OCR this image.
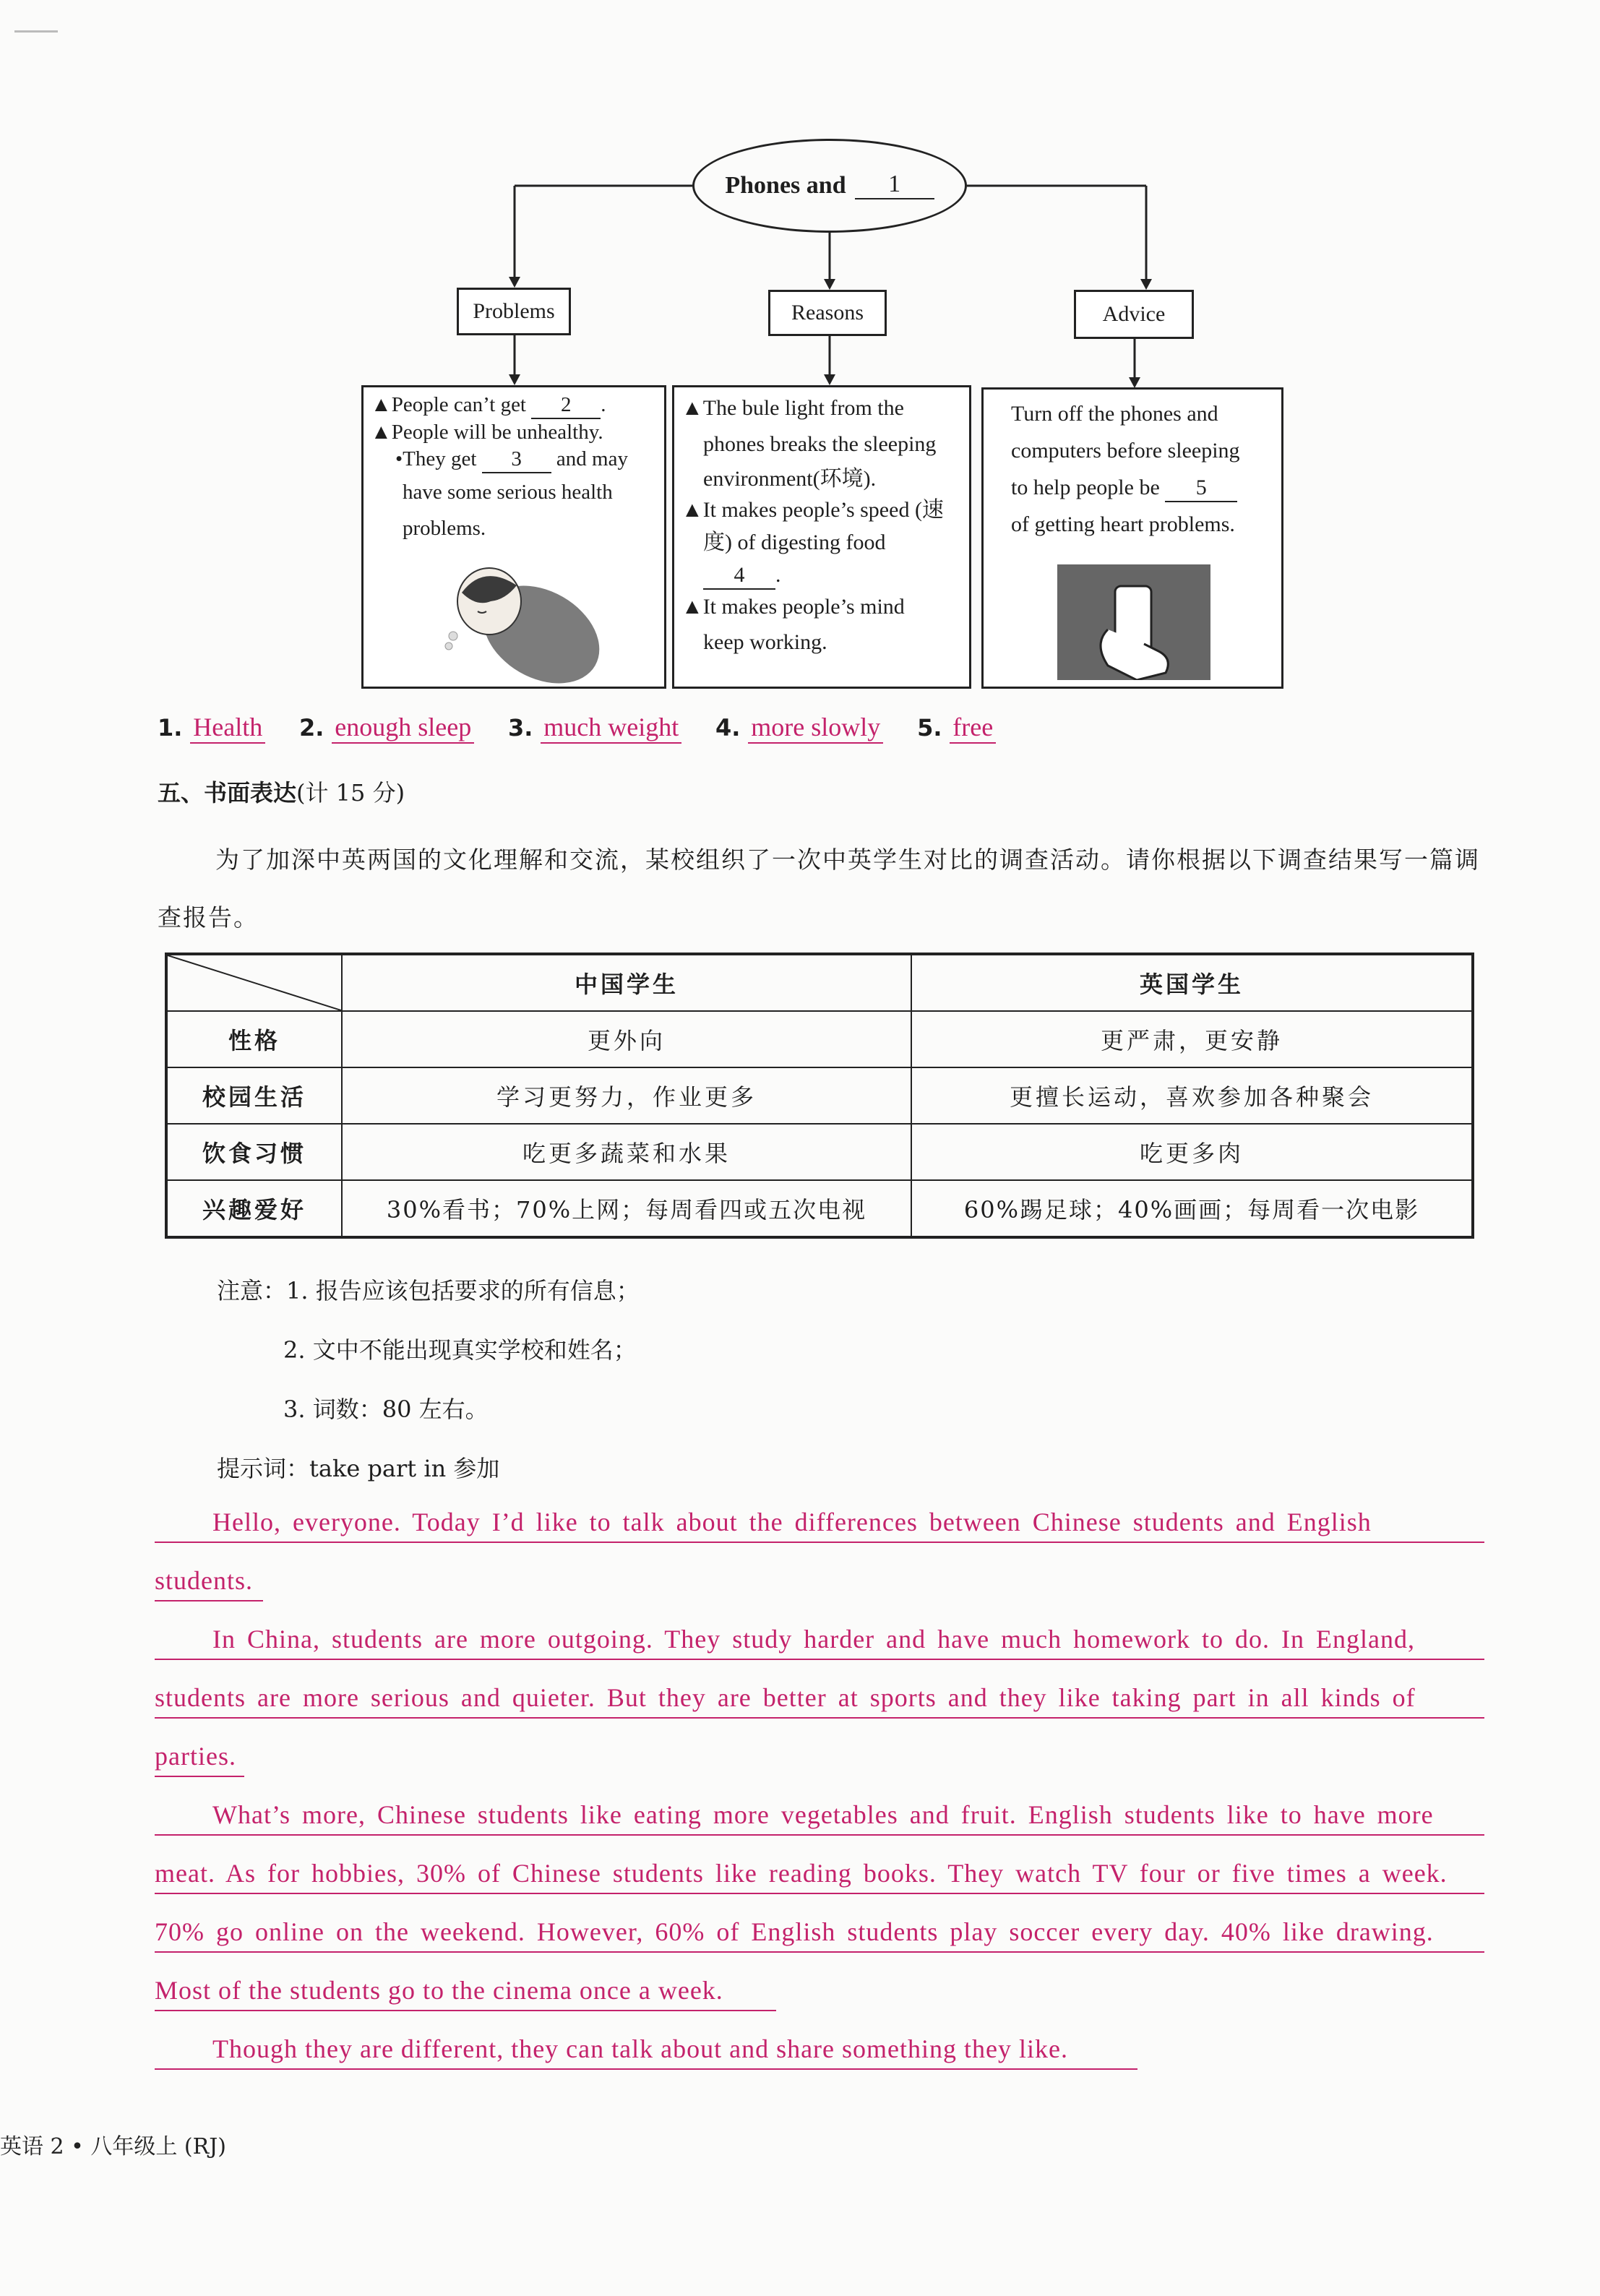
Phones and	1
Problems	Reasons	Advice

▲People can’t get 2 .

▲People will be unhealthy.

•They get 3 and may

have some serious health

problems.

▲The bule light from the

phones breaks the sleeping

environment(环境).

▲It makes people’s speed (速

度) of digesting food

4 .

▲It makes people’s mind

keep working.

Turn off the phones and

computers before sleeping

to help people be 5

of getting heart problems.

1. Health 2. enough sleep 3. much weight 4. more slowly 5. free
五、书面表达(计 15 分)
为了加深中英两国的文化理解和交流，某校组织了一次中英学生对比的调查活动。请你根据以下调查结果写一篇调查报告。
	中国学生	英国学生
性格	更外向	更严肃，更安静
校园生活	学习更努力，作业更多	更擅长运动，喜欢参加各种聚会
饮食习惯	吃更多蔬菜和水果	吃更多肉
兴趣爱好	30%看书；70%上网；每周看四或五次电视	60%踢足球；40%画画；每周看一次电影
注意：1. 报告应该包括要求的所有信息；
2. 文中不能出现真实学校和姓名；
3. 词数：80 左右。
提示词：take part in 参加
Hello, everyone. Today I’d like to talk about the differences between Chinese students and English
students.
In China, students are more outgoing. They study harder and have much homework to do. In England,
students are more serious and quieter. But they are better at sports and they like taking part in all kinds of
parties.
What’s more, Chinese students like eating more vegetables and fruit. English students like to have more
meat. As for hobbies, 30% of Chinese students like reading books. They watch TV four or five times a week.
70% go online on the weekend. However, 60% of English students play soccer every day. 40% like drawing.
Most of the students go to the cinema once a week.
Though they are different, they can talk about and share something they like.
英语 2 • 八年级上 (RJ)
